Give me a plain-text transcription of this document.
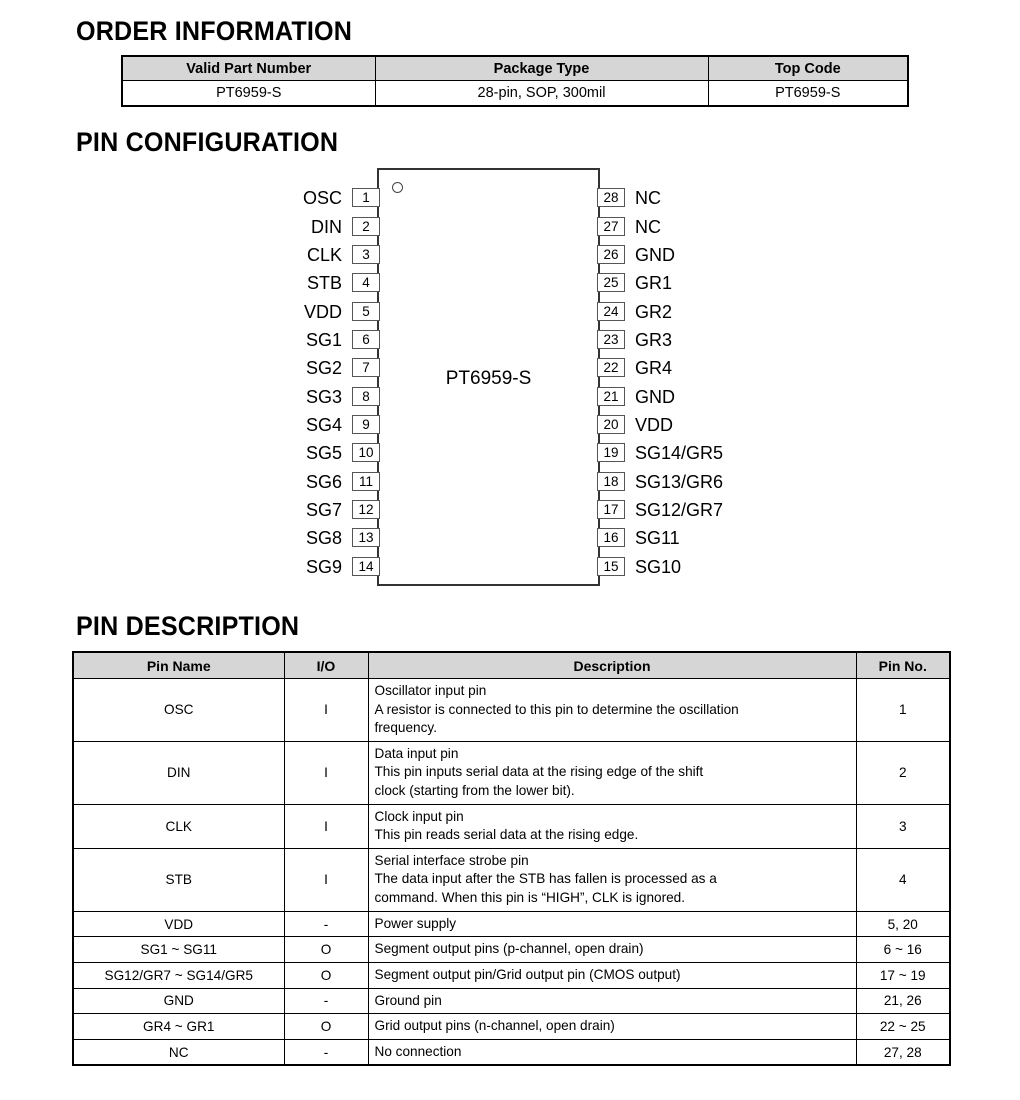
ORDER INFORMATION
Valid Part Number	Package Type	Top Code
PT6959-S	28-pin, SOP, 300mil	PT6959-S
PIN CONFIGURATION
PT6959-S
OSC	1
DIN	2
CLK	3
STB	4
VDD	5
SG1	6
SG2	7
SG3	8
SG4	9
SG5	10
SG6	11
SG7	12
SG8	13
SG9	14
28 NC
27 NC
26 GND
25 GR1
24 GR2
23 GR3
22 GR4
21 GND
20 VDD
19 SG14/GR5
18 SG13/GR6
17 SG12/GR7
16 SG11
15 SG10
PIN DESCRIPTION
Pin Name	I/O	Description	Pin No.
OSC	I	Oscillator input pin
A resistor is connected to this pin to determine the oscillation
frequency.	1
DIN	I	Data input pin
This pin inputs serial data at the rising edge of the shift
clock (starting from the lower bit).	2
CLK	I	Clock input pin
This pin reads serial data at the rising edge.	3
STB	I	Serial interface strobe pin
The data input after the STB has fallen is processed as a
command. When this pin is “HIGH”, CLK is ignored.	4
VDD	-	Power supply	5, 20
SG1 ~ SG11	O	Segment output pins (p-channel, open drain)	6 ~ 16
SG12/GR7 ~ SG14/GR5	O	Segment output pin/Grid output pin (CMOS output)	17 ~ 19
GND	-	Ground pin	21, 26
GR4 ~ GR1	O	Grid output pins (n-channel, open drain)	22 ~ 25
NC	-	No connection	27, 28
